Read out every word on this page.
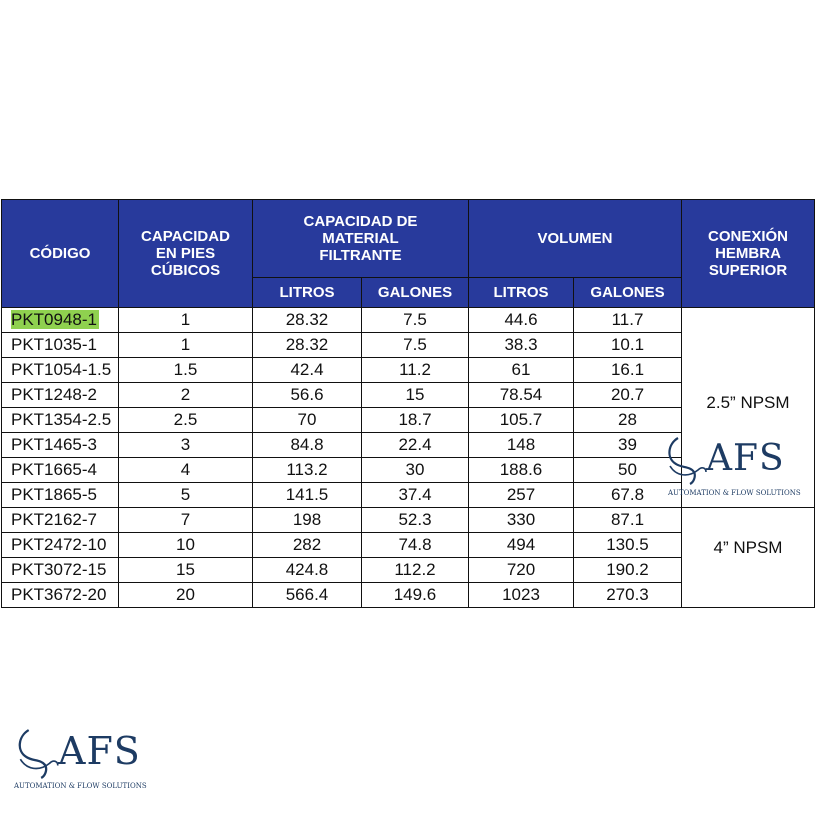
CÓDIGO	CAPACIDAD EN PIES CÚBICOS	CAPACIDAD DE MATERIAL FILTRANTE		VOLUMEN		CONEXIÓN HEMBRA SUPERIOR

		LITROS	GALONES	LITROS	GALONES	
PKT0948-1	1	28.32	7.5	44.6	11.7	2.5” NPSM
PKT1035-1	1	28.32	7.5	38.3	10.1	
PKT1054-1.5	1.5	42.4	11.2	61	16.1	
PKT1248-2	2	56.6	15	78.54	20.7	
PKT1354-2.5	2.5	70	18.7	105.7	28	
PKT1465-3	3	84.8	22.4	148	39	
PKT1665-4	4	113.2	30	188.6	50	
PKT1865-5	5	141.5	37.4	257	67.8	
PKT2162-7	7	198	52.3	330	87.1	4” NPSM
PKT2472-10	10	282	74.8	494	130.5	
PKT3072-15	15	424.8	112.2	720	190.2	
PKT3672-20	20	566.4	149.6	1023	270.3	
AFS
AUTOMATION & FLOW SOLUTIONS
AFS
AUTOMATION & FLOW SOLUTIONS
